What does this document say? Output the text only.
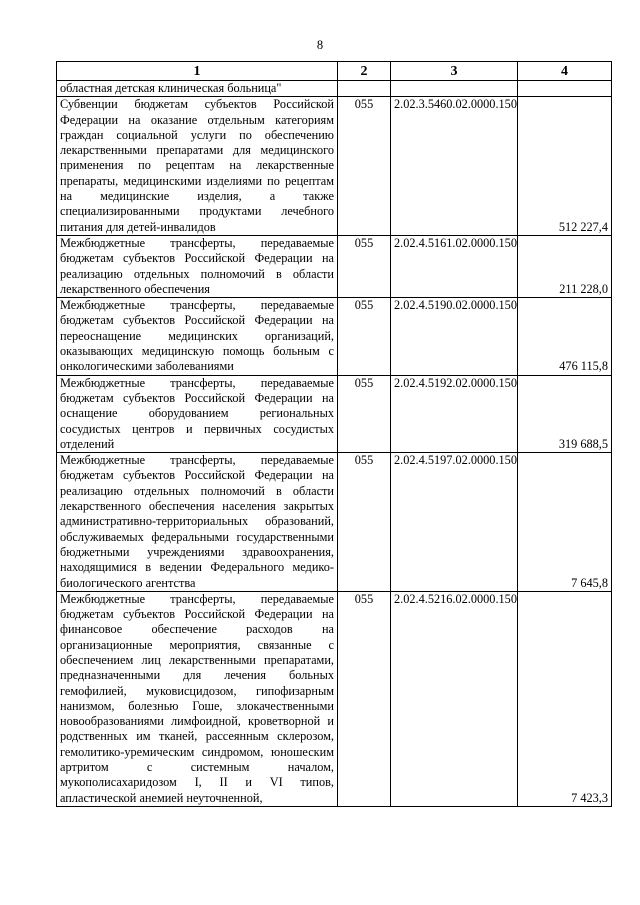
8
1	2	3	4
областная детская клиническая больница"			
Субвенции бюджетам субъектов Российской Федерации на оказание отдельным категориям граждан социальной услуги по обеспечению лекарственными препаратами для медицинского применения по рецептам на лекарственные препараты, медицинскими изделиями по рецептам на медицинские изделия, а также специализированными продуктами лечебного питания для детей-инвалидов	055	2.02.3.5460.02.0000.150	512 227,4
Межбюджетные трансферты, передаваемые бюджетам субъектов Российской Федерации на реализацию отдельных полномочий в области лекарственного обеспечения	055	2.02.4.5161.02.0000.150	211 228,0
Межбюджетные трансферты, передаваемые бюджетам субъектов Российской Федерации на переоснащение медицинских организаций, оказывающих медицинскую помощь больным с онкологическими заболеваниями	055	2.02.4.5190.02.0000.150	476 115,8
Межбюджетные трансферты, передаваемые бюджетам субъектов Российской Федерации на оснащение оборудованием региональных сосудистых центров и первичных сосудистых отделений	055	2.02.4.5192.02.0000.150	319 688,5
Межбюджетные трансферты, передаваемые бюджетам субъектов Российской Федерации на реализацию отдельных полномочий в области лекарственного обеспечения населения закрытых административно-территориальных образований, обслуживаемых федеральными государственными бюджетными учреждениями здравоохранения, находящимися в ведении Федерального медико-биологического агентства	055	2.02.4.5197.02.0000.150	7 645,8
Межбюджетные трансферты, передаваемые бюджетам субъектов Российской Федерации на финансовое обеспечение расходов на организационные мероприятия, связанные с обеспечением лиц лекарственными препаратами, предназначенными для лечения больных гемофилией, муковисцидозом, гипофизарным нанизмом, болезнью Гоше, злокачественными новообразованиями лимфоидной, кроветворной и родственных им тканей, рассеянным склерозом, гемолитико-уремическим синдромом, юношеским артритом с системным началом, мукополисахаридозом I, II и VI типов, апластической анемией неуточненной,	055	2.02.4.5216.02.0000.150	7 423,3
